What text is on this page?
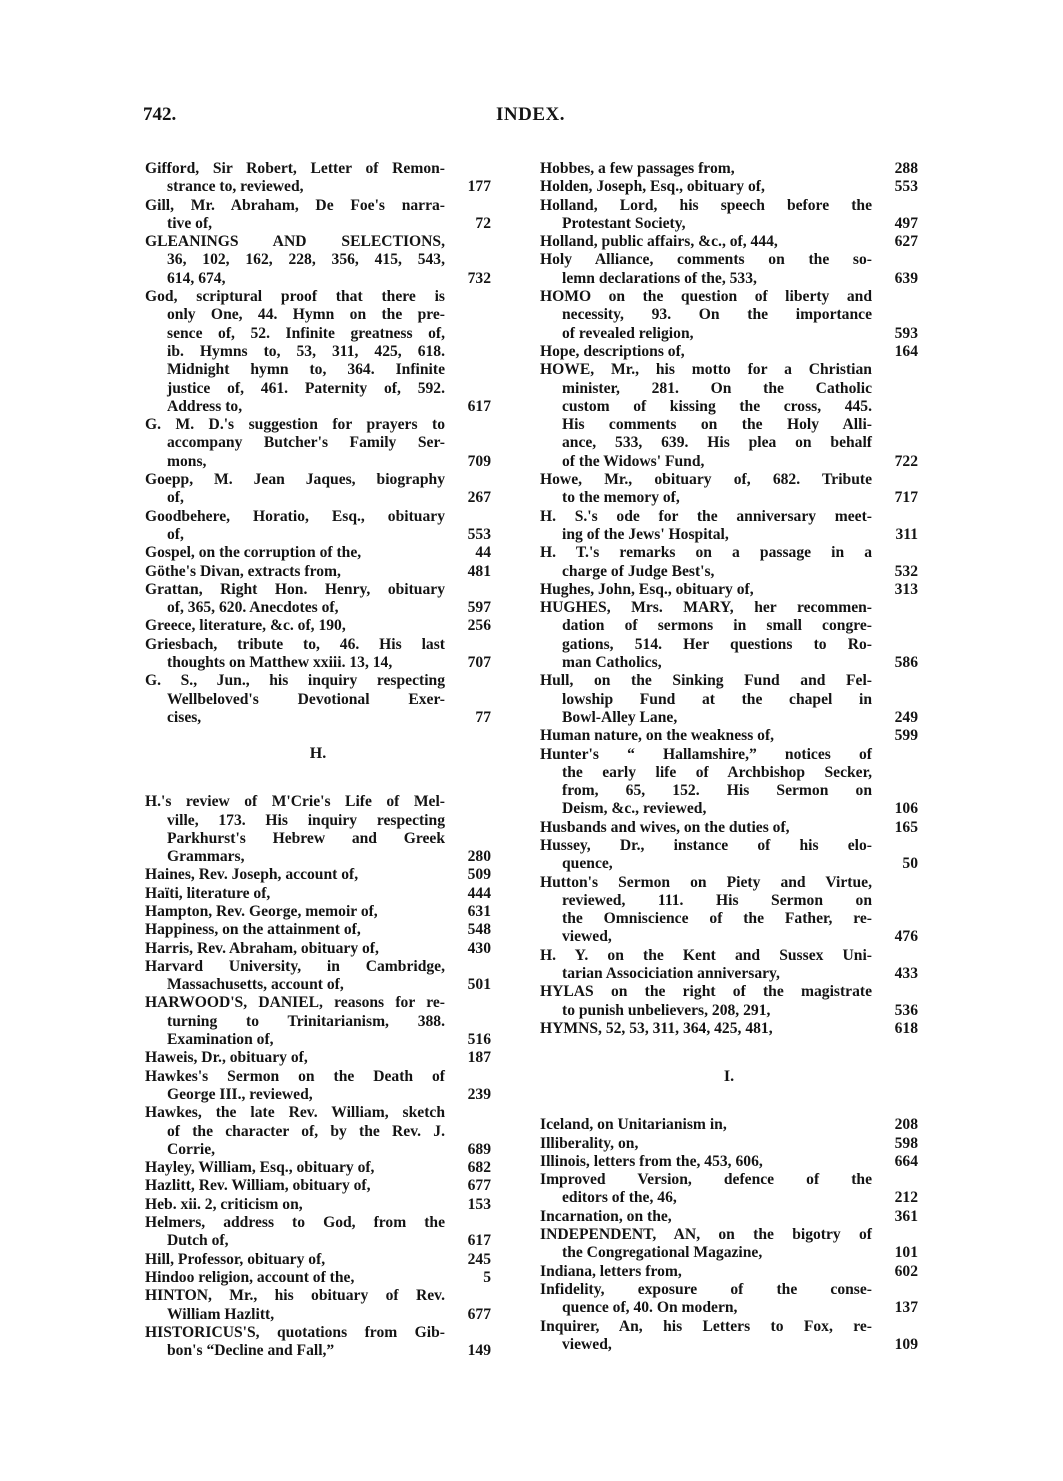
742.	INDEX.
Gifford, Sir Robert, Letter of Remon-
strance to, reviewed,	177
Gill, Mr. Abraham, De Foe's narra-
tive of,	72
GLEANINGS AND SELECTIONS,
36, 102, 162, 228, 356, 415, 543,
614, 674,	732
God, scriptural proof that there is
only One, 44. Hymn on the pre-
sence of, 52. Infinite greatness of,
ib. Hymns to, 53, 311, 425, 618.
Midnight hymn to, 364. Infinite
justice of, 461. Paternity of, 592.
Address to,	617
G. M. D.'s suggestion for prayers to
accompany Butcher's Family Ser-
mons,	709
Goepp, M. Jean Jaques, biography
of,	267
Goodbehere, Horatio, Esq., obituary
of,	553
Gospel, on the corruption of the,	44
Göthe's Divan, extracts from,	481
Grattan, Right Hon. Henry, obituary
of, 365, 620. Anecdotes of,	597
Greece, literature, &c. of, 190,	256
Griesbach, tribute to, 46. His last
thoughts on Matthew xxiii. 13, 14,	707
G. S., Jun., his inquiry respecting
Wellbeloved's Devotional Exer-
cises,	77
H.
H.'s review of M'Crie's Life of Mel-
ville, 173. His inquiry respecting
Parkhurst's Hebrew and Greek
Grammars,	280
Haines, Rev. Joseph, account of,	509
Haïti, literature of,	444
Hampton, Rev. George, memoir of,	631
Happiness, on the attainment of,	548
Harris, Rev. Abraham, obituary of,	430
Harvard University, in Cambridge,
Massachusetts, account of,	501
HARWOOD'S, DANIEL, reasons for re-
turning to Trinitarianism, 388.
Examination of,	516
Haweis, Dr., obituary of,	187
Hawkes's Sermon on the Death of
George III., reviewed,	239
Hawkes, the late Rev. William, sketch
of the character of, by the Rev. J.
Corrie,	689
Hayley, William, Esq., obituary of,	682
Hazlitt, Rev. William, obituary of,	677
Heb. xii. 2, criticism on,	153
Helmers, address to God, from the
Dutch of,	617
Hill, Professor, obituary of,	245
Hindoo religion, account of the,	5
HINTON, Mr., his obituary of Rev.
William Hazlitt,	677
HISTORICUS'S, quotations from Gib-
bon's “Decline and Fall,”	149
Hobbes, a few passages from,	288
Holden, Joseph, Esq., obituary of,	553
Holland, Lord, his speech before the
Protestant Society,	497
Holland, public affairs, &c., of, 444,	627
Holy Alliance, comments on the so-
lemn declarations of the, 533,	639
HOMO on the question of liberty and
necessity, 93. On the importance
of revealed religion,	593
Hope, descriptions of,	164
HOWE, Mr., his motto for a Christian
minister, 281. On the Catholic
custom of kissing the cross, 445.
His comments on the Holy Alli-
ance, 533, 639. His plea on behalf
of the Widows' Fund,	722
Howe, Mr., obituary of, 682. Tribute
to the memory of,	717
H. S.'s ode for the anniversary meet-
ing of the Jews' Hospital,	311
H. T.'s remarks on a passage in a
charge of Judge Best's,	532
Hughes, John, Esq., obituary of,	313
HUGHES, Mrs. MARY, her recommen-
dation of sermons in small congre-
gations, 514. Her questions to Ro-
man Catholics,	586
Hull, on the Sinking Fund and Fel-
lowship Fund at the chapel in
Bowl-Alley Lane,	249
Human nature, on the weakness of,	599
Hunter's “ Hallamshire,” notices of
the early life of Archbishop Secker,
from, 65, 152. His Sermon on
Deism, &c., reviewed,	106
Husbands and wives, on the duties of,	165
Hussey, Dr., instance of his elo-
quence,	50
Hutton's Sermon on Piety and Virtue,
reviewed, 111. His Sermon on
the Omniscience of the Father, re-
viewed,	476
H. Y. on the Kent and Sussex Uni-
tarian Associciation anniversary,	433
HYLAS on the right of the magistrate
to punish unbelievers, 208, 291,	536
HYMNS, 52, 53, 311, 364, 425, 481,	618
I.
Iceland, on Unitarianism in,	208
Illiberality, on,	598
Illinois, letters from the, 453, 606,	664
Improved Version, defence of the
editors of the, 46,	212
Incarnation, on the,	361
INDEPENDENT, AN, on the bigotry of
the Congregational Magazine,	101
Indiana, letters from,	602
Infidelity, exposure of the conse-
quence of, 40. On modern,	137
Inquirer, An, his Letters to Fox, re-
viewed,	109
